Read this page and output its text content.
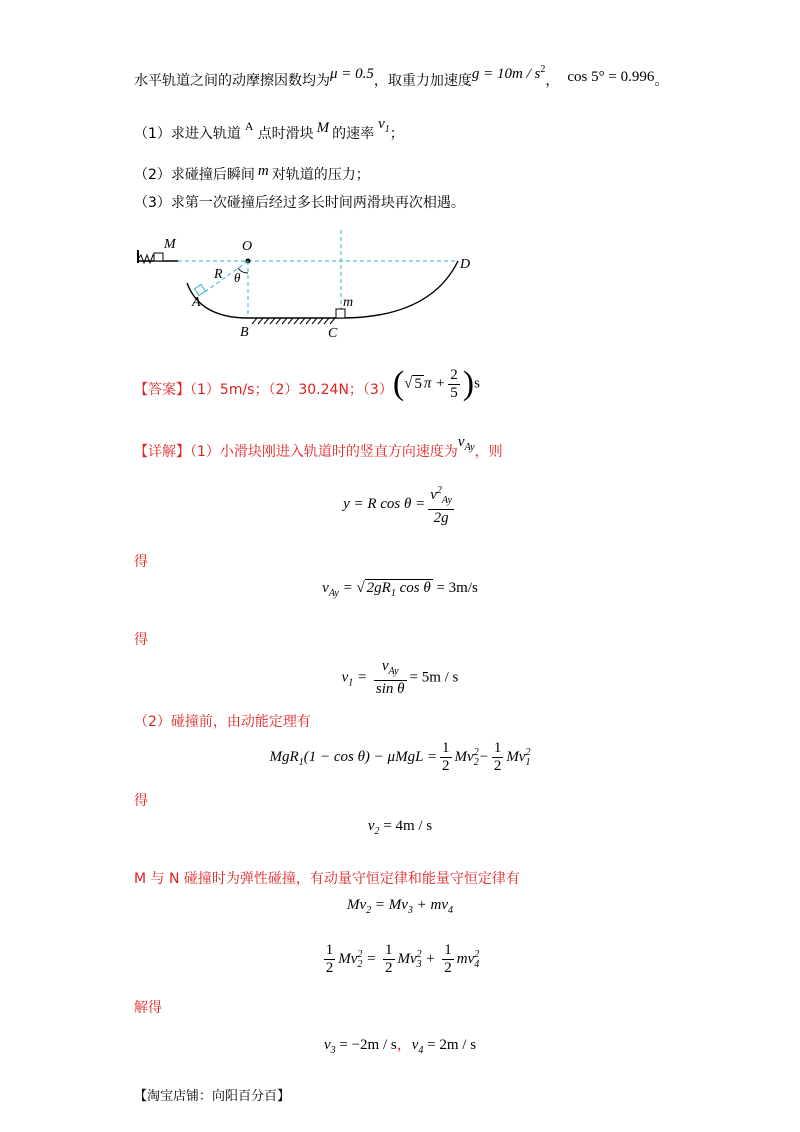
水平轨道之间的动摩擦因数均为μ = 0.5，取重力加速度$g = 10m / s^2$， cos 5° = 0.996。
（1）求进入轨道 A 点时滑块 M 的速率$v_1$；
（2）求碰撞后瞬间 m 对轨道的压力；
（3）求第一次碰撞后经过多长时间两滑块再次相遇。
M	O
R θ
A
B	C
m
D
【答案】（1）5m/s；（2）30.24N；（3）(√ 5 $\pi + \frac{2}{5} )s$
【详解】（1）小滑块刚进入轨道时的竖直方向速度为$v_{Ay}$，则
y = R $\cos \theta = \frac{v^2_{Ay}}{2g}$
得
$v_{Ay}$ = √ $2gR_1$ cos θ = 3m/s
得
$v_1 = \frac{v_{Ay}}{\text{sin θ}} = 5m / s$
（2）碰撞前，由动能定理有
$MgR_1(1 - \cos \theta) - \mu MgL = \frac{1}{2}$ Mv 2
$2 - \frac{1}{2}$ Mv 2
1
得
$v_2 = 4m / s$
M 与 N 碰撞时为弹性碰撞，有动量守恒定律和能量守恒定律有
$Mv_2 = Mv_3 + mv_4$
$\frac{1}{2}$ Mv 2
$2 = \frac{1}{2}$ Mv 2
$3 + \frac{1}{2}$ mv 2
4
解得
$v_3 = -2m / s$，$v_4 = 2m / s$
【淘宝店铺：向阳百分百】
